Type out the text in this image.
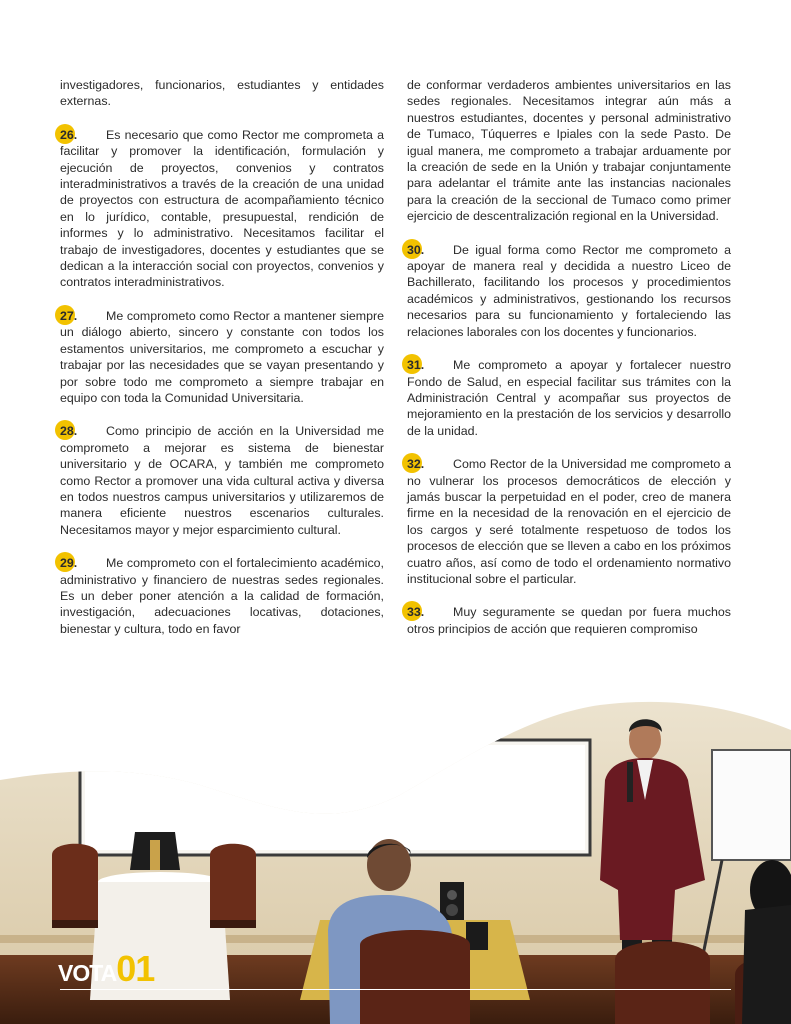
investigadores, funcionarios, estudiantes y entidades externas.

26. Es necesario que como Rector me comprometa a facilitar y promover la identificación, formulación y ejecución de proyectos, convenios y contratos interadministrativos a través de la creación de una unidad de proyectos con estructura de acompañamiento técnico en lo jurídico, contable, presupuestal, rendición de informes y lo administrativo. Necesitamos facilitar el trabajo de investigadores, docentes y estudiantes que se dedican a la interacción social con proyectos, convenios y contratos interadministrativos.

27. Me comprometo como Rector a mantener siempre un diálogo abierto, sincero y constante con todos los estamentos universitarios, me comprometo a escuchar y trabajar por las necesidades que se vayan presentando y por sobre todo me comprometo a siempre trabajar en equipo con toda la Comunidad Universitaria.

28. Como principio de acción en la Universidad me comprometo a mejorar es sistema de bienestar universitario y de OCARA, y también me comprometo como Rector a promover una vida cultural activa y diversa en todos nuestros campus universitarios y utilizaremos de manera eficiente nuestros escenarios culturales. Necesitamos mayor y mejor esparcimiento cultural.

29. Me comprometo con el fortalecimiento académico, administrativo y financiero de nuestras sedes regionales. Es un deber poner atención a la calidad de formación, investigación, adecuaciones locativas, dotaciones, bienestar y cultura, todo en favor

de conformar verdaderos ambientes universitarios en las sedes regionales. Necesitamos integrar aún más a nuestros estudiantes, docentes y personal administrativo de Tumaco, Túquerres e Ipiales con la sede Pasto. De igual manera, me comprometo a trabajar arduamente por la creación de sede en la Unión y trabajar conjuntamente para adelantar el trámite ante las instancias nacionales para la creación de la seccional de Tumaco como primer ejercicio de descentralización regional en la Universidad.

30. De igual forma como Rector me comprometo a apoyar de manera real y decidida a nuestro Liceo de Bachillerato, facilitando los procesos y procedimientos académicos y administrativos, gestionando los recursos necesarios para su funcionamiento y fortaleciendo las relaciones laborales con los docentes y funcionarios.

31. Me comprometo a apoyar y fortalecer nuestro Fondo de Salud, en especial facilitar sus trámites con la Administración Central y acompañar sus proyectos de mejoramiento en la prestación de los servicios y desarrollo de la unidad.

32. Como Rector de la Universidad me comprometo a no vulnerar los procesos democráticos de elección y jamás buscar la perpetuidad en el poder, creo de manera firme en la necesidad de la renovación en el ejercicio de los cargos y seré totalmente respetuoso de todos los procesos de elección que se lleven a cabo en los próximos cuatro años, así como de todo el ordenamiento normativo institucional sobre el particular.

33. Muy seguramente se quedan por fuera muchos otros principios de acción que requieren compromiso

VOTA01
